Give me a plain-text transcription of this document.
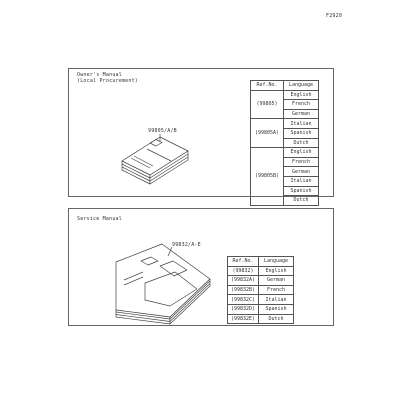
F2920
Owner's Manual
(Local Procurement)
99805/A/B
Ref.No.	Language
(99805)	English
	French
	German
(99805A)	Italian
	Spanish
	Dutch
(99805B)	English
	French
	German
	Italian
	Spanish
	Dutch
Service Manual
99832/A-E
Ref.No.	Language
(99832)	English
(99832A)	German
(99832B)	French
(99832C)	Italian
(99832D)	Spanish
(99832E)	Dutch
